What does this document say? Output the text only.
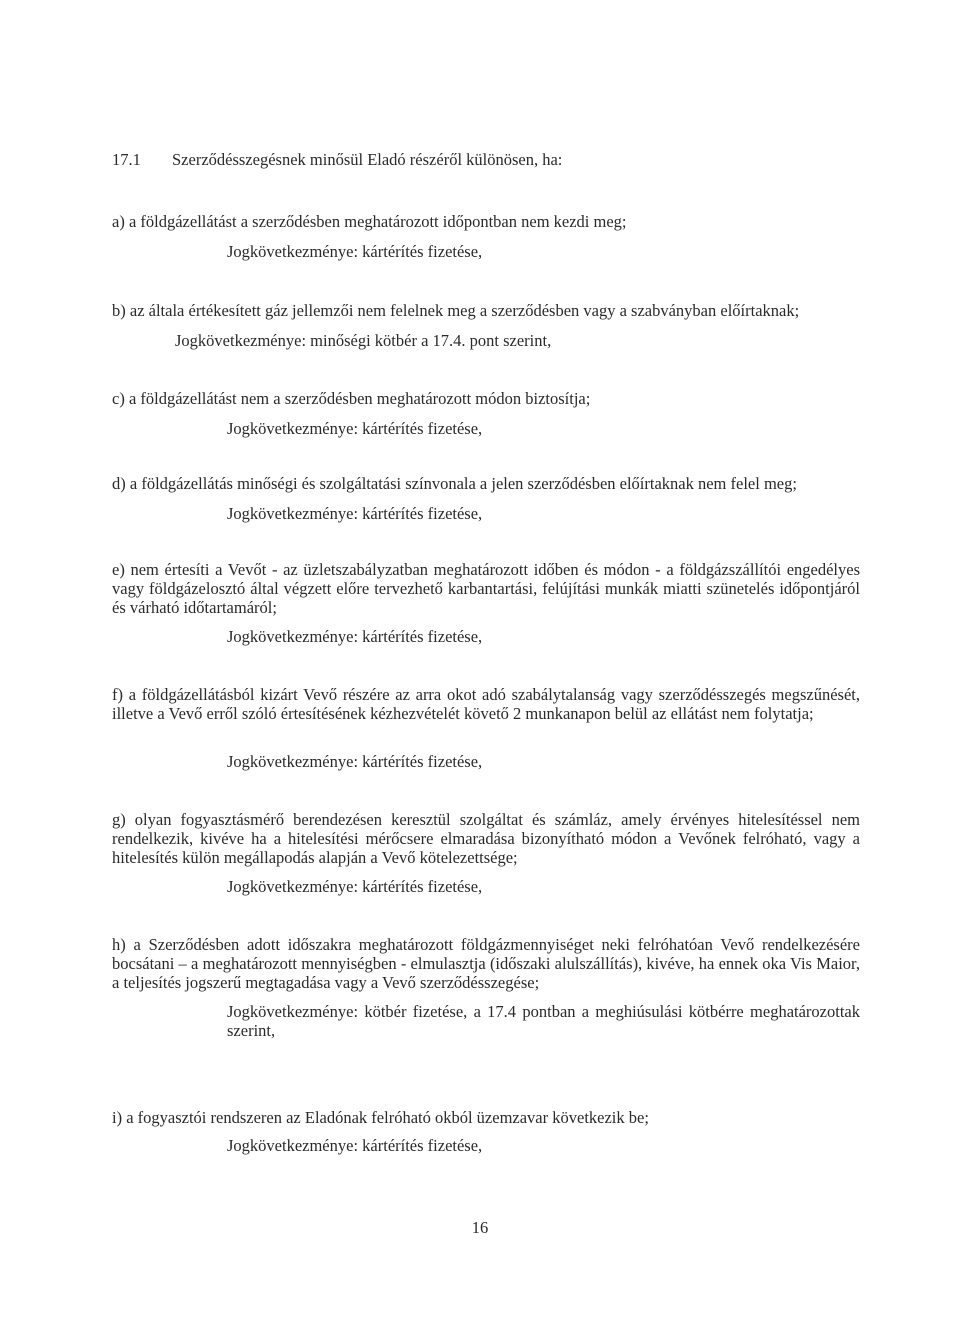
17.1 Szerződésszegésnek minősül Eladó részéről különösen, ha:
a) a földgázellátást a szerződésben meghatározott időpontban nem kezdi meg;
Jogkövetkezménye: kártérítés fizetése,
b) az általa értékesített gáz jellemzői nem felelnek meg a szerződésben vagy a szabványban előírtaknak;
Jogkövetkezménye: minőségi kötbér a 17.4. pont szerint,
c) a földgázellátást nem a szerződésben meghatározott módon biztosítja;
Jogkövetkezménye: kártérítés fizetése,
d) a földgázellátás minőségi és szolgáltatási színvonala a jelen szerződésben előírtaknak nem felel meg;
Jogkövetkezménye: kártérítés fizetése,
e) nem értesíti a Vevőt - az üzletszabályzatban meghatározott időben és módon - a földgázszállítói engedélyes vagy földgázelosztó által végzett előre tervezhető karbantartási, felújítási munkák miatti szünetelés időpontjáról és várható időtartamáról;
Jogkövetkezménye: kártérítés fizetése,
f) a földgázellátásból kizárt Vevő részére az arra okot adó szabálytalanság vagy szerződésszegés megszűnését, illetve a Vevő erről szóló értesítésének kézhezvételét követő 2 munkanapon belül az ellátást nem folytatja;
Jogkövetkezménye: kártérítés fizetése,
g) olyan fogyasztásmérő berendezésen keresztül szolgáltat és számláz, amely érvényes hitelesítéssel nem rendelkezik, kivéve ha a hitelesítési mérőcsere elmaradása bizonyítható módon a Vevőnek felróható, vagy a hitelesítés külön megállapodás alapján a Vevő kötelezettsége;
Jogkövetkezménye: kártérítés fizetése,
h) a Szerződésben adott időszakra meghatározott földgázmennyiséget neki felróhatóan Vevő rendelkezésére bocsátani – a meghatározott mennyiségben - elmulasztja (időszaki alulszállítás), kivéve, ha ennek oka Vis Maior, a teljesítés jogszerű megtagadása vagy a Vevő szerződésszegése;
Jogkövetkezménye: kötbér fizetése, a 17.4 pontban a meghiúsulási kötbérre meghatározottak szerint,
i) a fogyasztói rendszeren az Eladónak felróható okból üzemzavar következik be;
Jogkövetkezménye: kártérítés fizetése,
16
